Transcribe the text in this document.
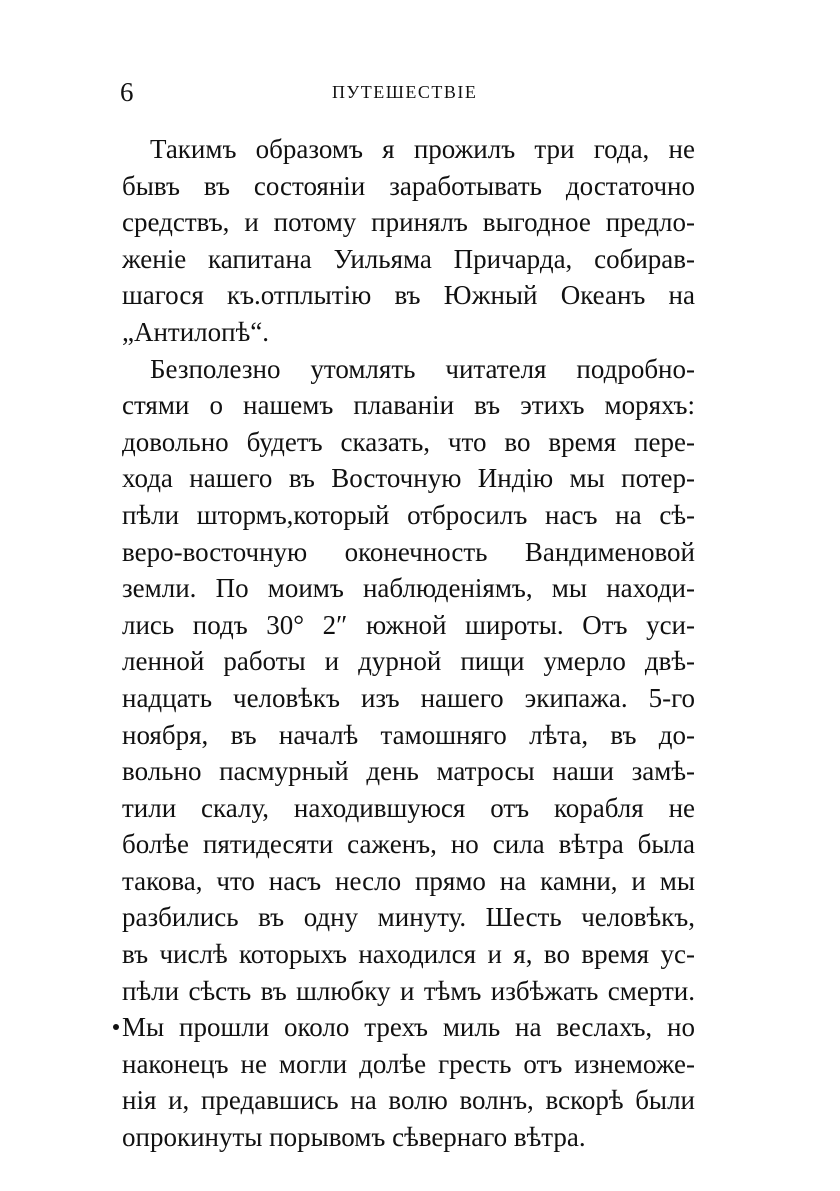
6	ПУТЕШЕСТВІЕ
Такимъ образомъ я прожилъ три года, не
бывъ въ состояніи заработывать достаточно
средствъ, и потому принялъ выгодное предло-
женіе капитана Уильяма Причарда, собирав-
шагося къ.отплытію въ Южный Океанъ на
„Антилопѣ“.
Безполезно утомлять читателя подробно-
стями о нашемъ плаваніи въ этихъ моряхъ:
довольно будетъ сказать, что во время пере-
хода нашего въ Восточную Индію мы потер-
пѣли штормъ,который отбросилъ насъ на сѣ-
веро-восточную оконечность Вандименовой
земли. По моимъ наблюденіямъ, мы находи-
лись подъ 30° 2″ южной широты. Отъ уси-
ленной работы и дурной пищи умерло двѣ-
надцать человѣкъ изъ нашего экипажа. 5-го
ноября, въ началѣ тамошняго лѣта, въ до-
вольно пасмурный день матросы наши замѣ-
тили скалу, находившуюся отъ корабля не
болѣе пятидесяти саженъ, но сила вѣтра была
такова, что насъ несло прямо на камни, и мы
разбились въ одну минуту. Шесть человѣкъ,
въ числѣ которыхъ находился и я, во время ус-
пѣли сѣсть въ шлюбку и тѣмъ избѣжать смерти.
Мы прошли около трехъ миль на веслахъ, но
наконецъ не могли долѣе гресть отъ изнеможе-
нія и, предавшись на волю волнъ, вскорѣ были
опрокинуты порывомъ сѣвернаго вѣтра.
